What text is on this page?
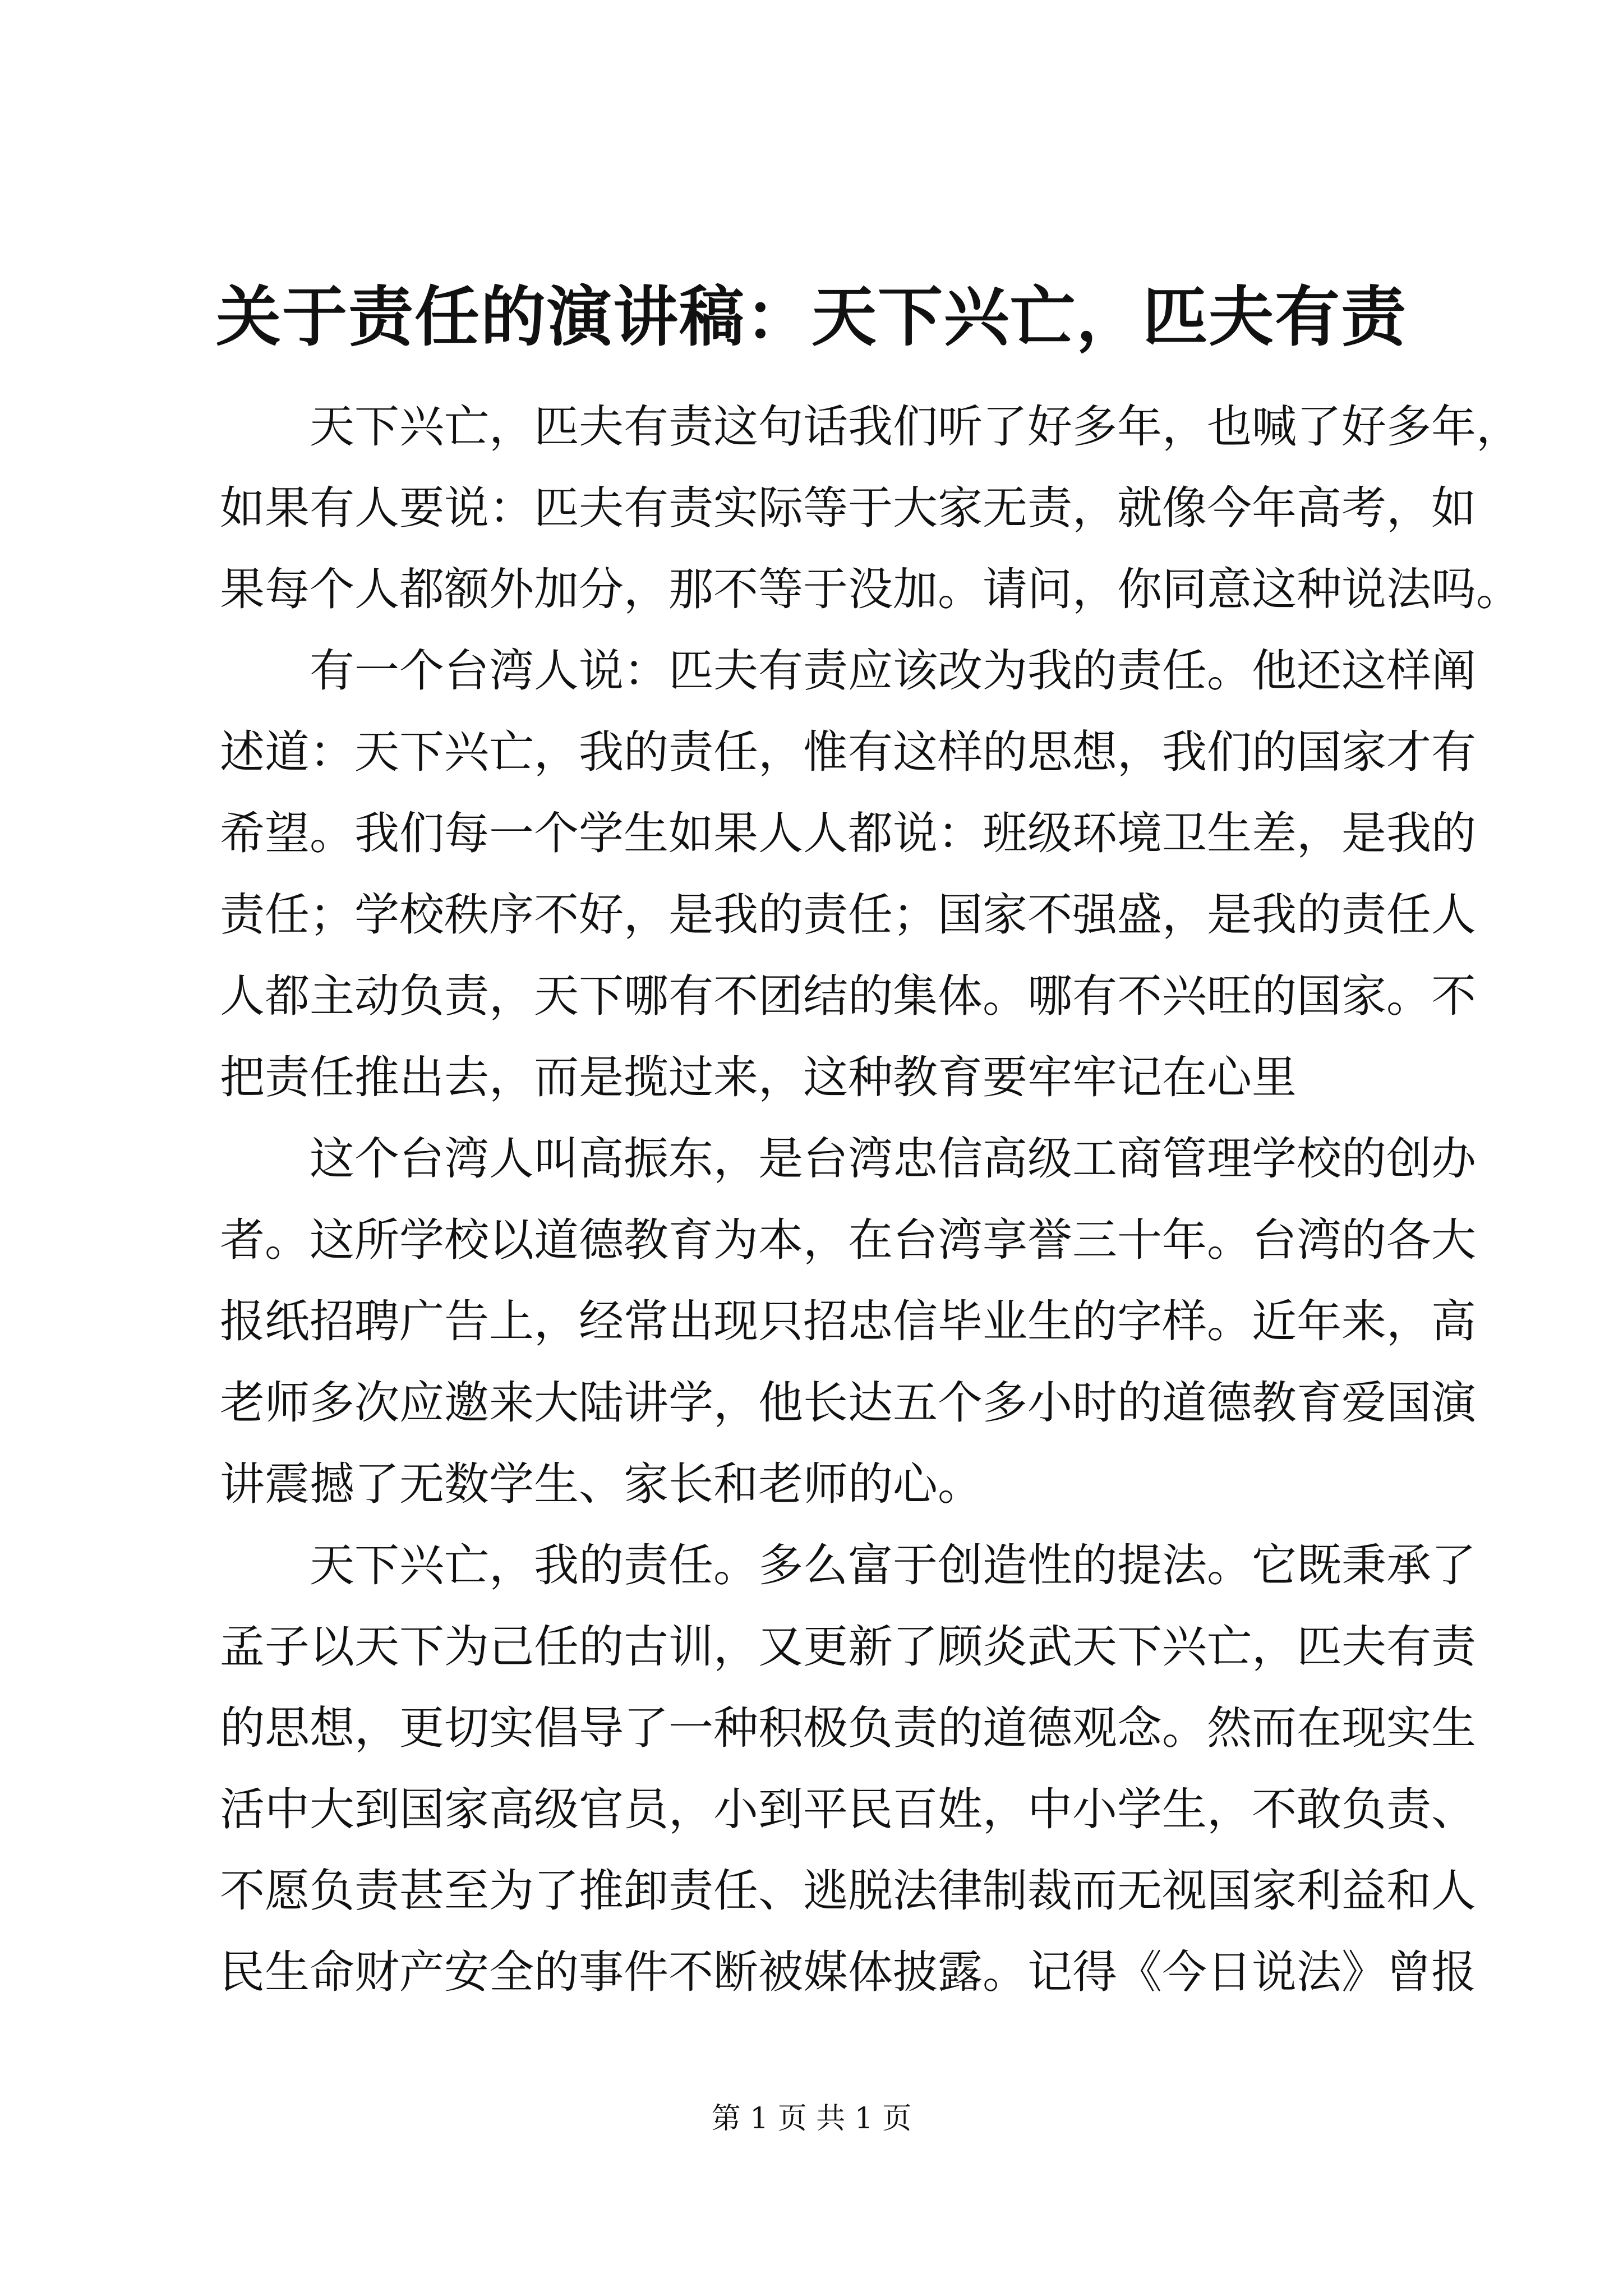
关于责任的演讲稿：天下兴亡，匹夫有责

天下兴亡，匹夫有责这句话我们听了好多年，也喊了好多年，
如果有人要说：匹夫有责实际等于大家无责，就像今年高考，如
果每个人都额外加分，那不等于没加。请问，你同意这种说法吗。

有一个台湾人说：匹夫有责应该改为我的责任。他还这样阐
述道：天下兴亡，我的责任，惟有这样的思想，我们的国家才有
希望。我们每一个学生如果人人都说：班级环境卫生差，是我的
责任；学校秩序不好，是我的责任；国家不强盛，是我的责任人
人都主动负责，天下哪有不团结的集体。哪有不兴旺的国家。不
把责任推出去，而是揽过来，这种教育要牢牢记在心里

这个台湾人叫高振东，是台湾忠信高级工商管理学校的创办
者。这所学校以道德教育为本，在台湾享誉三十年。台湾的各大
报纸招聘广告上，经常出现只招忠信毕业生的字样。近年来，高
老师多次应邀来大陆讲学，他长达五个多小时的道德教育爱国演
讲震撼了无数学生、家长和老师的心。

天下兴亡，我的责任。多么富于创造性的提法。它既秉承了
孟子以天下为己任的古训，又更新了顾炎武天下兴亡，匹夫有责
的思想，更切实倡导了一种积极负责的道德观念。然而在现实生
活中大到国家高级官员，小到平民百姓，中小学生，不敢负责、
不愿负责甚至为了推卸责任、逃脱法律制裁而无视国家利益和人
民生命财产安全的事件不断被媒体披露。记得《今日说法》曾报

第 1 页 共 1 页
